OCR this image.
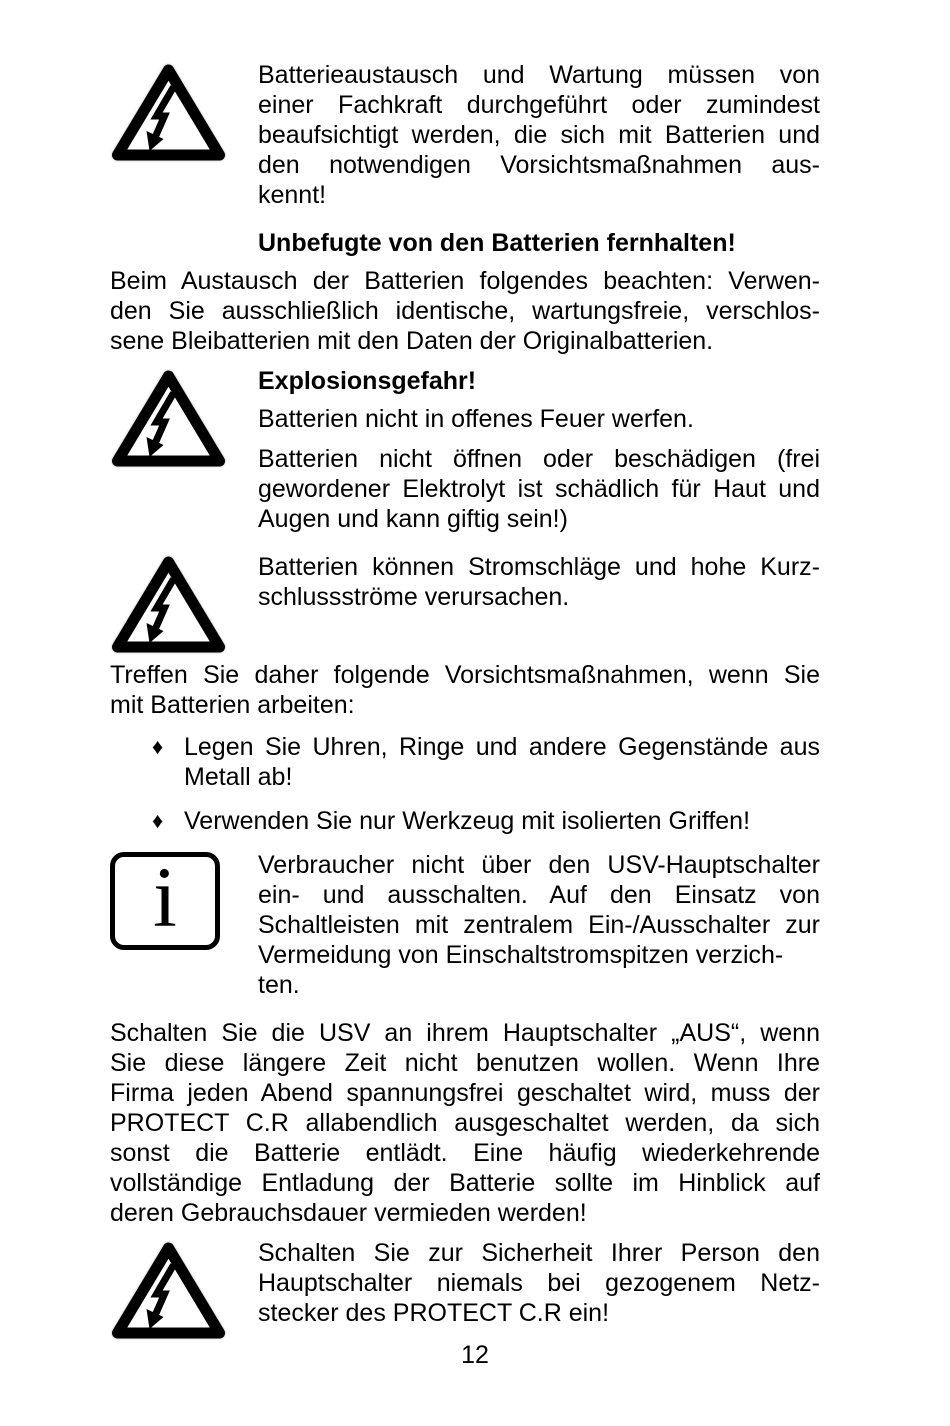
Batterieaustausch und Wartung müssen von
einer Fachkraft durchgeführt oder zumindest
beaufsichtigt werden, die sich mit Batterien und
den notwendigen Vorsichtsmaßnahmen aus-
kennt!
Unbefugte von den Batterien fernhalten!
Beim Austausch der Batterien folgendes beachten: Verwen-
den Sie ausschließlich identische, wartungsfreie, verschlos-
sene Bleibatterien mit den Daten der Originalbatterien.
Explosionsgefahr!
Batterien nicht in offenes Feuer werfen.
Batterien nicht öffnen oder beschädigen (frei
gewordener Elektrolyt ist schädlich für Haut und
Augen und kann giftig sein!)
Batterien können Stromschläge und hohe Kurz-
schlussströme verursachen.
Treffen Sie daher folgende Vorsichtsmaßnahmen, wenn Sie
mit Batterien arbeiten:
♦ Legen Sie Uhren, Ringe und andere Gegenstände aus
Metall ab!
♦ Verwenden Sie nur Werkzeug mit isolierten Griffen!
i	Verbraucher nicht über den USV-Hauptschalter
ein- und ausschalten. Auf den Einsatz von
Schaltleisten mit zentralem Ein-/Ausschalter zur
Vermeidung von Einschaltstromspitzen verzich-ten.
Schalten Sie die USV an ihrem Hauptschalter „AUS“, wenn
Sie diese längere Zeit nicht benutzen wollen. Wenn Ihre
Firma jeden Abend spannungsfrei geschaltet wird, muss der
PROTECT C.R allabendlich ausgeschaltet werden, da sich
sonst die Batterie entlädt. Eine häufig wiederkehrende
vollständige Entladung der Batterie sollte im Hinblick auf
deren Gebrauchsdauer vermieden werden!
Schalten Sie zur Sicherheit Ihrer Person den
Hauptschalter niemals bei gezogenem Netz-
stecker des PROTECT C.R ein!
12
